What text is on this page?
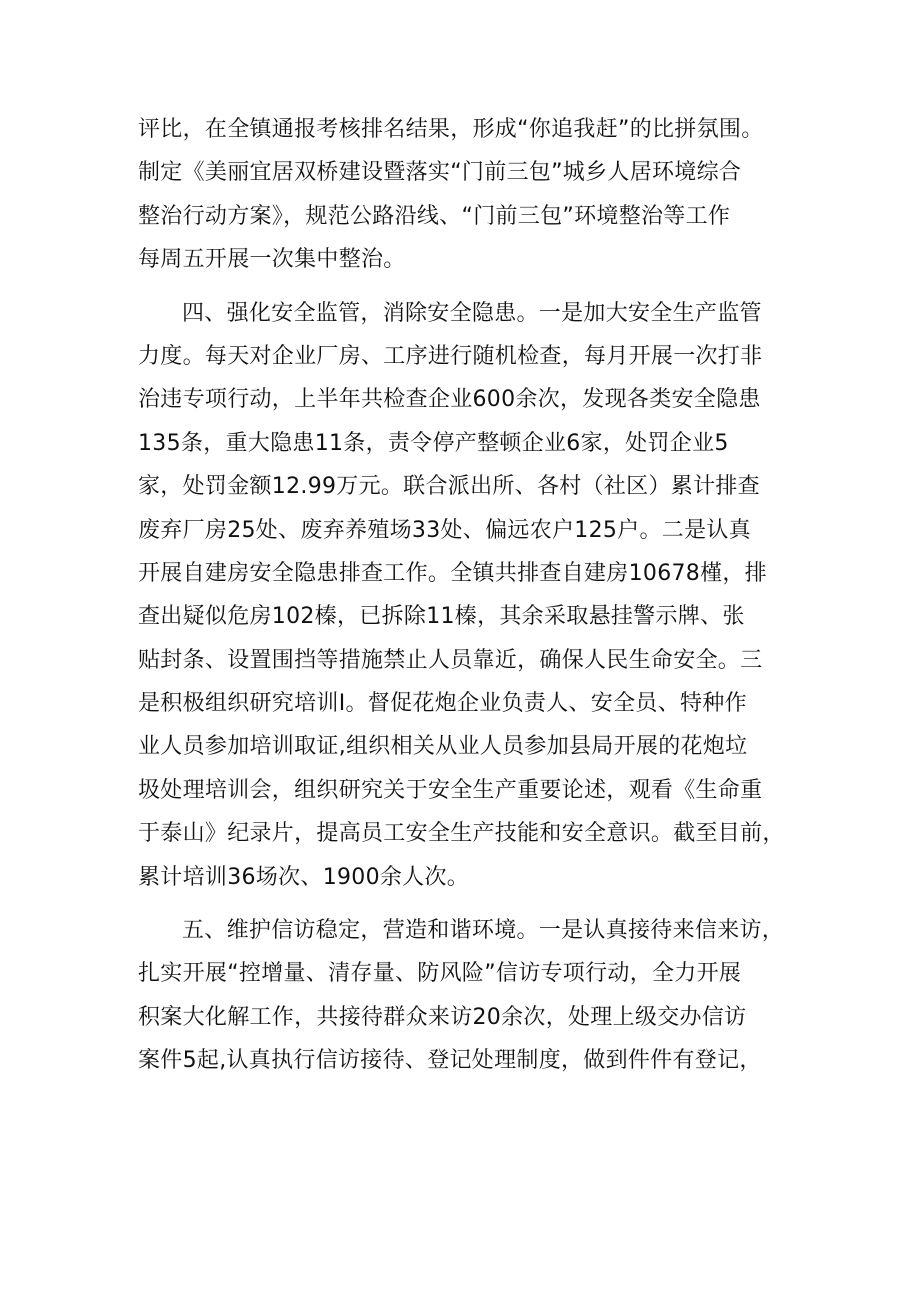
评比，在全镇通报考核排名结果，形成“你追我赶”的比拼氛围。
制定《美丽宜居双桥建设暨落实“门前三包”城乡人居环境综合
整治行动方案》，规范公路沿线、“门前三包”环境整治等工作
每周五开展一次集中整治。
四、强化安全监管，消除安全隐患。一是加大安全生产监管
力度。每天对企业厂房、工序进行随机检查，每月开展一次打非
治违专项行动，上半年共检查企业600余次，发现各类安全隐患
135条，重大隐患11条，责令停产整顿企业6家，处罚企业5
家，处罚金额12.99万元。联合派出所、各村（社区）累计排查
废弃厂房25处、废弃养殖场33处、偏远农户125户。二是认真
开展自建房安全隐患排查工作。全镇共排查自建房10678槿，排
查出疑似危房102榛，已拆除11榛，其余采取悬挂警示牌、张
贴封条、设置围挡等措施禁止人员靠近，确保人民生命安全。三
是积极组织研究培训I。督促花炮企业负责人、安全员、特种作
业人员参加培训取证,组织相关从业人员参加县局开展的花炮垃
圾处理培训会，组织研究关于安全生产重要论述，观看《生命重
于泰山》纪录片，提高员工安全生产技能和安全意识。截至目前，
累计培训36场次、1900余人次。
五、维护信访稳定，营造和谐环境。一是认真接待来信来访，
扎实开展“控增量、清存量、防风险”信访专项行动，全力开展
积案大化解工作，共接待群众来访20余次，处理上级交办信访
案件5起,认真执行信访接待、登记处理制度，做到件件有登记，
